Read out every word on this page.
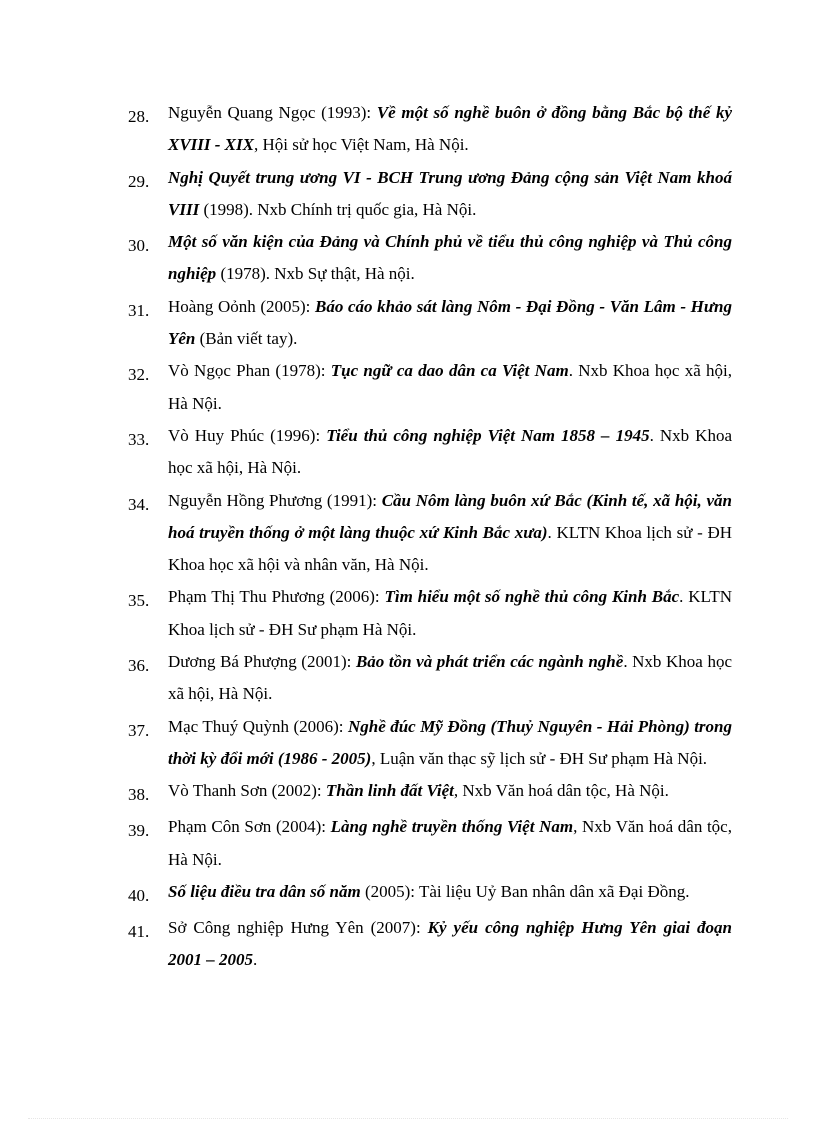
28.	Nguyễn Quang Ngọc (1993): Về một số nghề buôn ở đồng bằng Bắc bộ thế kỷ XVIII - XIX, Hội sử học Việt Nam, Hà Nội.
29.	Nghị Quyết trung ương VI - BCH Trung ương Đảng cộng sản Việt Nam khoá VIII (1998). Nxb Chính trị quốc gia, Hà Nội.
30.	Một số văn kiện của Đảng và Chính phủ về tiểu thủ công nghiệp và Thủ công nghiệp (1978). Nxb Sự thật, Hà nội.
31.	Hoàng Oỏnh (2005): Báo cáo khảo sát làng Nôm - Đại Đồng - Văn Lâm - Hưng Yên (Bản viết tay).
32.	Vò Ngọc Phan (1978): Tục ngữ ca dao dân ca Việt Nam. Nxb Khoa học xã hội, Hà Nội.
33.	Vò Huy Phúc (1996): Tiểu thủ công nghiệp Việt Nam 1858 – 1945. Nxb Khoa học xã hội, Hà Nội.
34.	Nguyễn Hồng Phương (1991): Cầu Nôm làng buôn xứ Bắc (Kinh tế, xã hội, văn hoá truyền thống ở một làng thuộc xứ Kinh Bắc xưa). KLTN Khoa lịch sử - ĐH Khoa học xã hội và nhân văn, Hà Nội.
35.	Phạm Thị Thu Phương (2006): Tìm hiểu một số nghề thủ công Kinh Bắc. KLTN Khoa lịch sử - ĐH Sư phạm Hà Nội.
36.	Dương Bá Phượng (2001): Bảo tồn và phát triển các ngành nghề. Nxb Khoa học xã hội, Hà Nội.
37.	Mạc Thuý Quỳnh (2006): Nghề đúc Mỹ Đồng (Thuỷ Nguyên - Hải Phòng) trong thời kỳ đổi mới (1986 - 2005), Luận văn thạc sỹ lịch sử - ĐH Sư phạm Hà Nội.
38.	Vò Thanh Sơn (2002): Thần linh đất Việt, Nxb Văn hoá dân tộc, Hà Nội.
39.	Phạm Côn Sơn (2004): Làng nghề truyền thống Việt Nam, Nxb Văn hoá dân tộc, Hà Nội.
40.	Số liệu điều tra dân số năm (2005): Tài liệu Uỷ Ban nhân dân xã Đại Đồng.
41.	Sở Công nghiệp Hưng Yên (2007): Kỷ yếu công nghiệp Hưng Yên giai đoạn 2001 – 2005.
